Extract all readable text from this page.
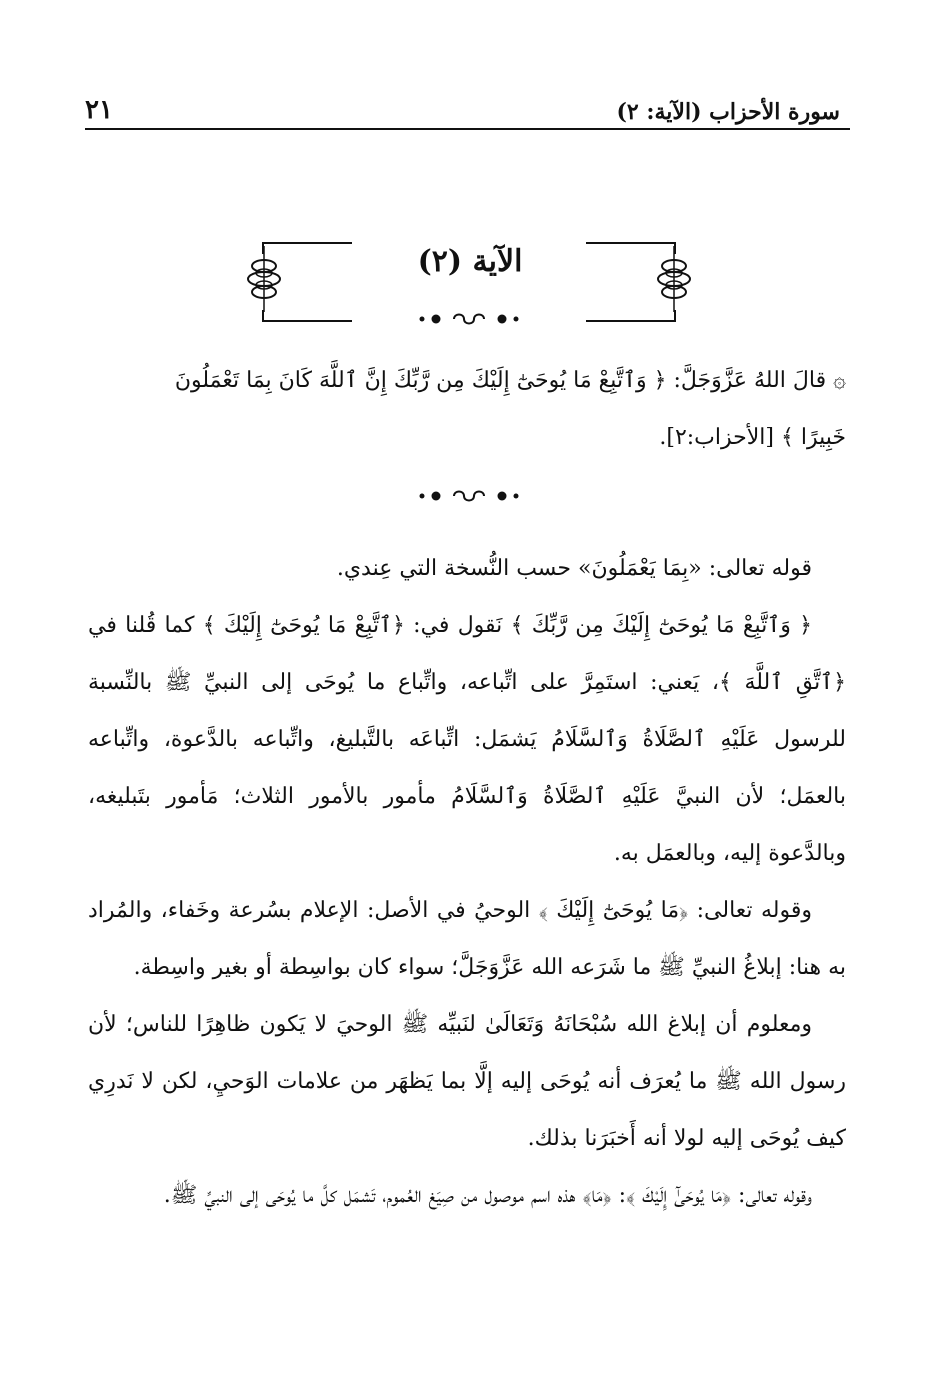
٢١	سورة الأحزاب (الآية: ٢)
الآية (٢)
۞ قالَ اللهُ عَزَّوَجَلَّ: ﴿ وَٱتَّبِعْ مَا يُوحَىٰٓ إِلَيْكَ مِن رَّبِّكَ إِنَّ ٱللَّهَ كَانَ بِمَا تَعْمَلُونَ
خَبِيرًا ﴾ [الأحزاب:٢].

قوله تعالى: «بِمَا يَعْمَلُونَ» حسب النُّسخة التي عِندي.

﴿ وَٱتَّبِعْ مَا يُوحَىٰٓ إِلَيْكَ مِن رَّبِّكَ ﴾ نَقول في: ﴿ٱتَّبِعْ مَا يُوحَىٰٓ إِلَيْكَ ﴾ كما قُلنا في ﴿ٱتَّقِ ٱللَّهَ ﴾، يَعني: استَمِرَّ على اتِّباعه، واتِّباع ما يُوحَى إلى النبيِّ ﷺ بالنِّسبة للرسول عَلَيْهِ ٱلصَّلَاةُ وَٱلسَّلَامُ يَشمَل: اتِّباعَه بالتَّبليغ، واتِّباعه بالدَّعوة، واتِّباعه بالعمَل؛ لأن النبيَّ عَلَيْهِ ٱلصَّلَاةُ وَٱلسَّلَامُ مأمور بالأمور الثلاث؛ مَأمور بتَبليغه، وبالدَّعوة إليه، وبالعمَل به.

وقوله تعالى: ﴿مَا يُوحَىٰٓ إِلَيْكَ ﴾ الوحيُ في الأصل: الإعلام بسُرعة وخَفاء، والمُراد به هنا: إبلاغُ النبيِّ ﷺ ما شَرَعه الله عَزَّوَجَلَّ؛ سواء كان بواسِطة أو بغير واسِطة.

ومعلوم أن إبلاغ الله سُبْحَانَهُ وَتَعَالَىٰ لنَبيِّه ﷺ الوحيَ لا يَكون ظاهِرًا للناس؛ لأن رسول الله ﷺ ما يُعرَف أنه يُوحَى إليه إلَّا بما يَظهَر من علامات الوَحيِ، لكن لا نَدرِي كيف يُوحَى إليه لولا أنه أَخبَرَنا بذلك.

وقوله تعالى: ﴿مَا يُوحَىٰٓ إِلَيْكَ ﴾: ﴿مَا﴾ هذه اسم موصول من صِيَغ العُموم، تَشمَل كلَّ ما يُوحَى إلى النبيِّ ﷺ.
